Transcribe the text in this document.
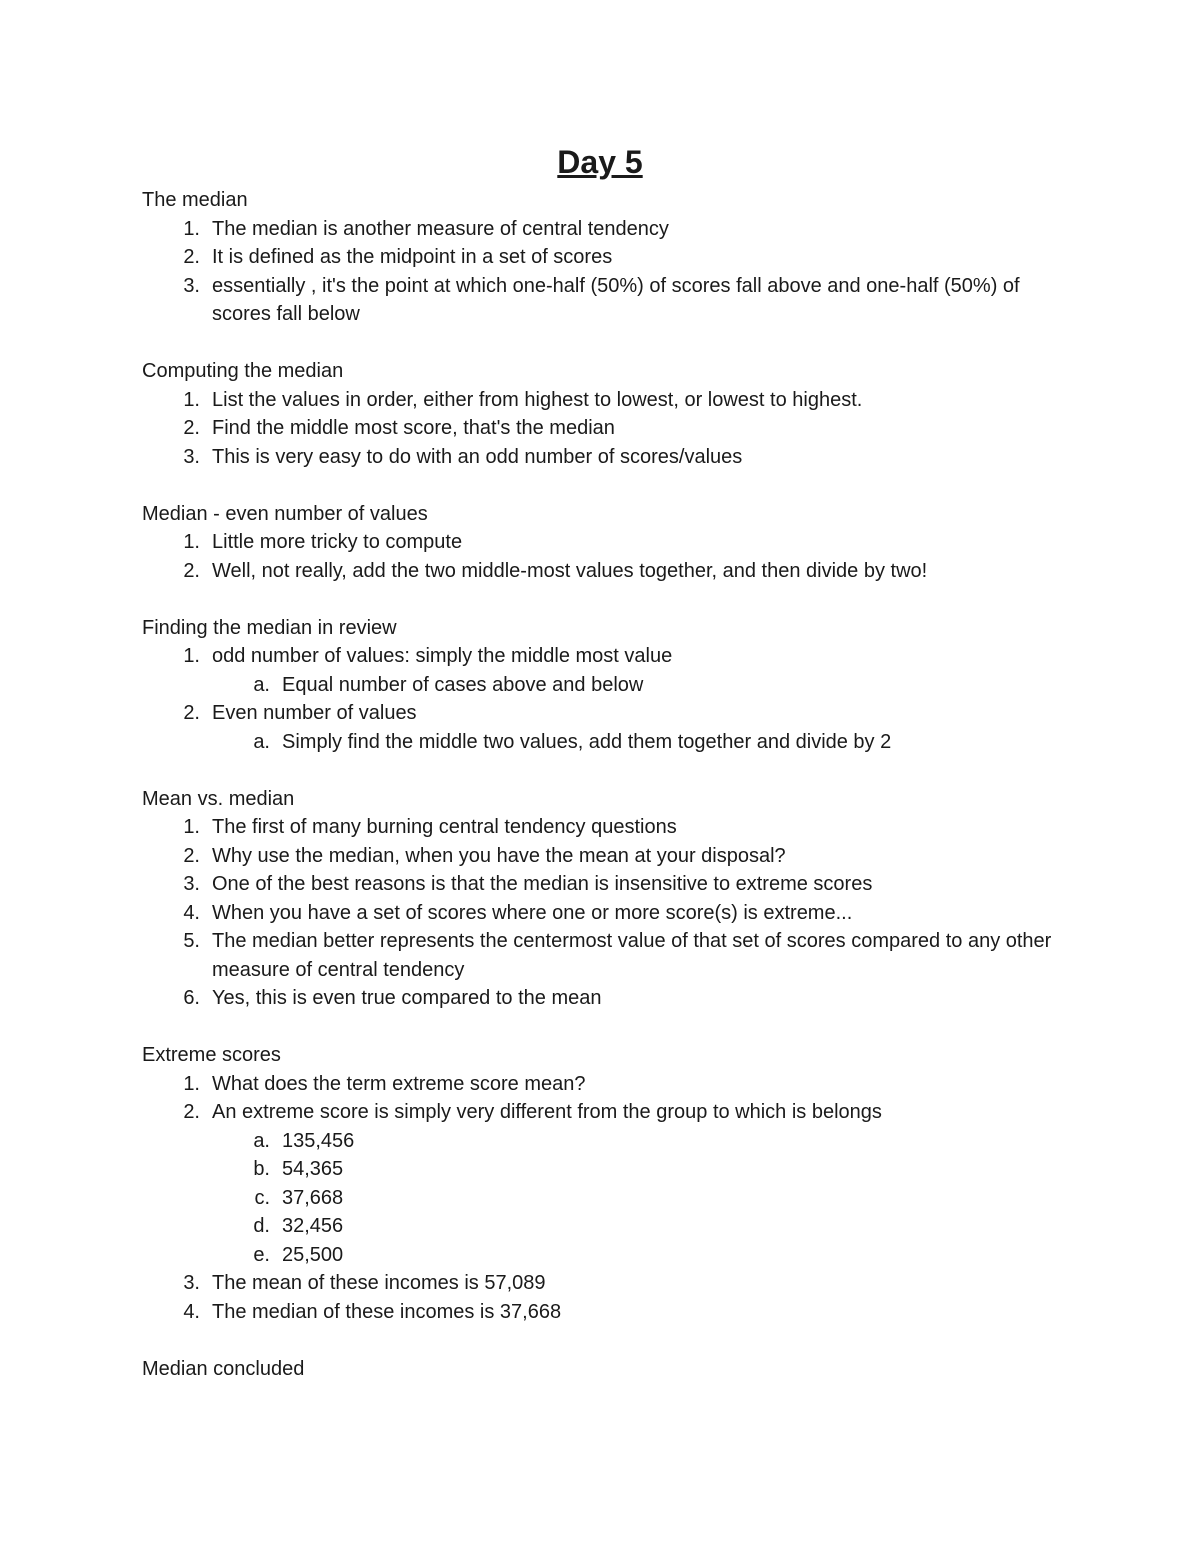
Day 5
The median
1. The median is another measure of central tendency
2. It is defined as the midpoint in a set of scores
3. essentially , it's the point at which one-half (50%) of scores fall above and one-half (50%) of scores fall below
Computing the median
1. List the values in order, either from highest to lowest, or lowest to highest.
2. Find the middle most score, that's the median
3. This is very easy to do with an odd number of scores/values
Median - even number of values
1. Little more tricky to compute
2. Well, not really, add the two middle-most values together, and then divide by two!
Finding the median in review
1. odd number of values: simply the middle most value
a. Equal number of cases above and below
2. Even number of values
a. Simply find the middle two values, add them together and divide by 2
Mean vs. median
1. The first of many burning central tendency questions
2. Why use the median, when you have the mean at your disposal?
3. One of the best reasons is that the median is insensitive to extreme scores
4. When you have a set of scores where one or more score(s) is extreme...
5. The median better represents the centermost value of that set of scores compared to any other measure of central tendency
6. Yes, this is even true compared to the mean
Extreme scores
1. What does the term extreme score mean?
2. An extreme score is simply very different from the group to which is belongs
a. 135,456
b. 54,365
c. 37,668
d. 32,456
e. 25,500
3. The mean of these incomes is 57,089
4. The median of these incomes is 37,668
Median concluded
